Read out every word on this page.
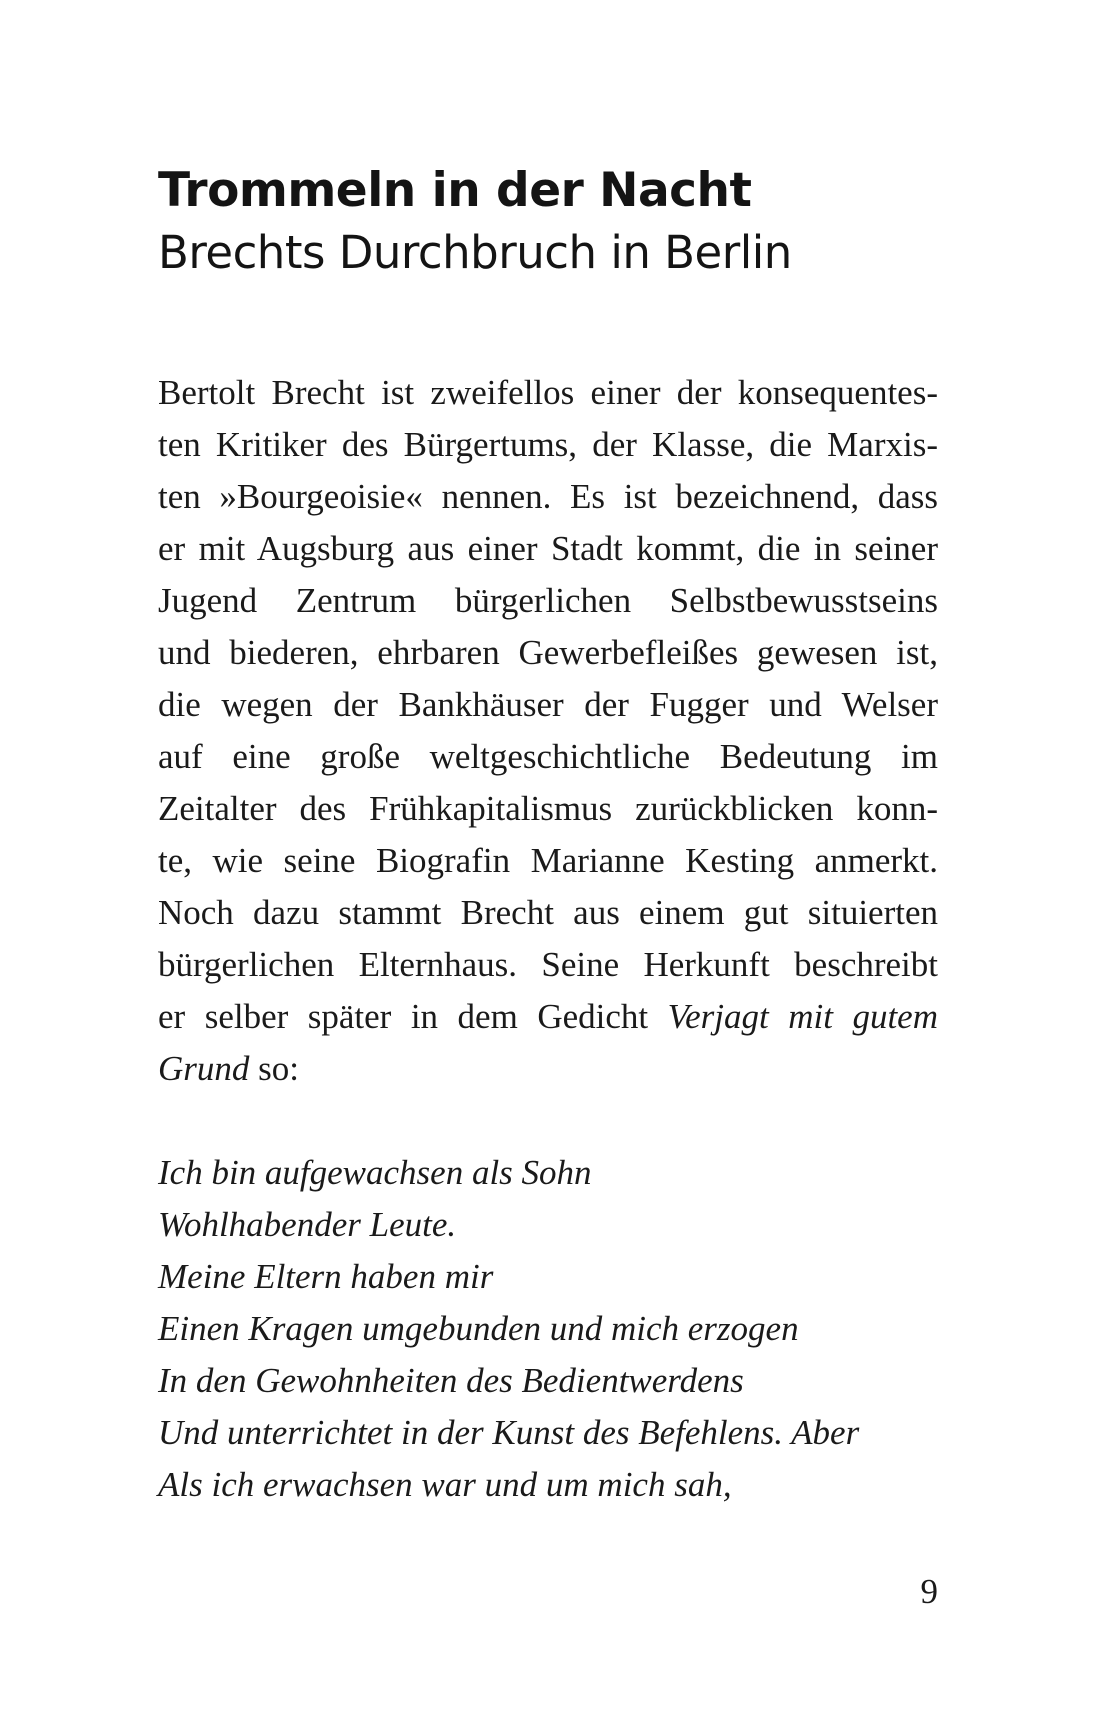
Trommeln in der Nacht
Brechts Durchbruch in Berlin
Bertolt Brecht ist zweifellos einer der konsequentes-
ten Kritiker des Bürgertums, der Klasse, die Marxis-
ten »Bourgeoisie« nennen. Es ist bezeichnend, dass
er mit Augsburg aus einer Stadt kommt, die in seiner
Jugend Zentrum bürgerlichen Selbstbewusstseins
und biederen, ehrbaren Gewerbefleißes gewesen ist,
die wegen der Bankhäuser der Fugger und Welser
auf eine große weltgeschichtliche Bedeutung im
Zeitalter des Frühkapitalismus zurückblicken konn-
te, wie seine Biografin Marianne Kesting anmerkt.
Noch dazu stammt Brecht aus einem gut situierten
bürgerlichen Elternhaus. Seine Herkunft beschreibt
er selber später in dem Gedicht Verjagt mit gutem
Grund so:
Ich bin aufgewachsen als Sohn
Wohlhabender Leute.
Meine Eltern haben mir
Einen Kragen umgebunden und mich erzogen
In den Gewohnheiten des Bedientwerdens
Und unterrichtet in der Kunst des Befehlens. Aber
Als ich erwachsen war und um mich sah,
9
